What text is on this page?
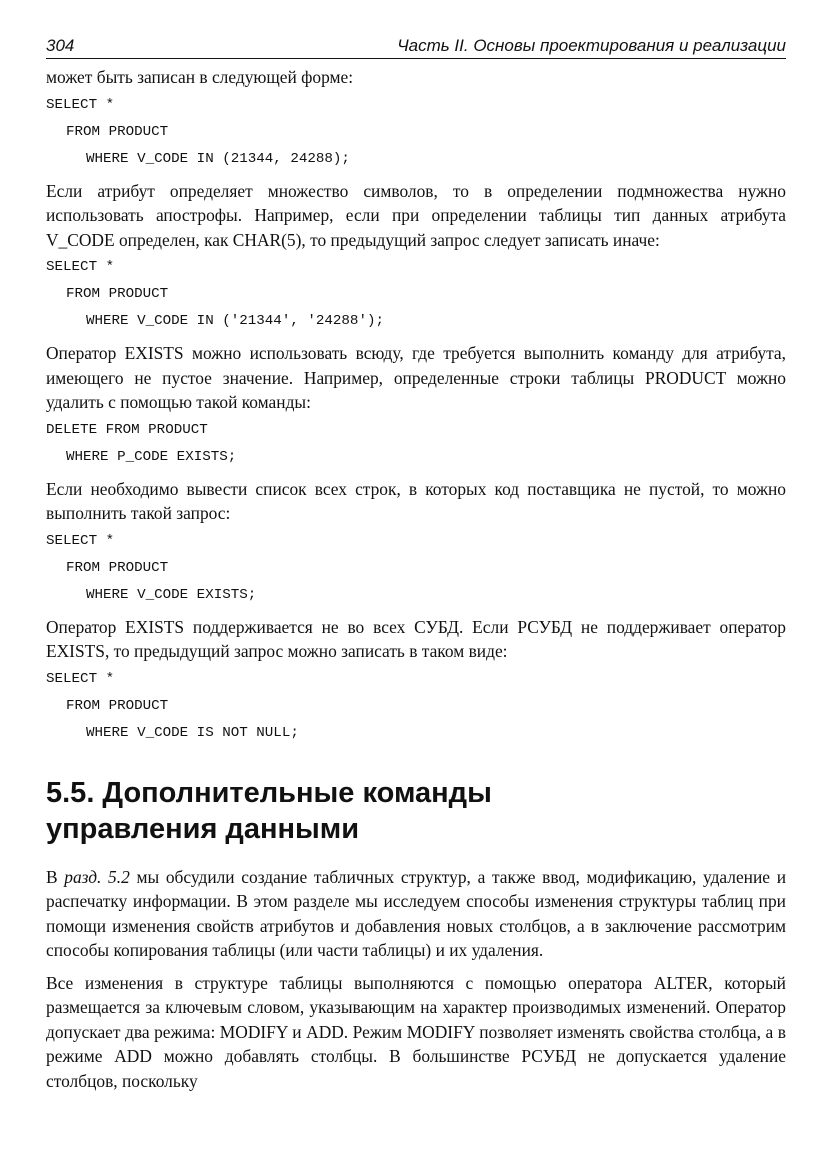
304	Часть II. Основы проектирования и реализации

может быть записан в следующей форме:

SELECT *
FROM PRODUCT
WHERE V_CODE IN (21344, 24288);

Если атрибут определяет множество символов, то в определении подмножества нужно использовать апострофы. Например, если при определении таблицы тип данных атрибута V_CODE определен, как CHAR(5), то предыдущий запрос следует записать иначе:

SELECT *
FROM PRODUCT
WHERE V_CODE IN ('21344', '24288');

Оператор EXISTS можно использовать всюду, где требуется выполнить команду для атрибута, имеющего не пустое значение. Например, определенные строки таблицы PRODUCT можно удалить с помощью такой команды:

DELETE FROM PRODUCT
WHERE P_CODE EXISTS;

Если необходимо вывести список всех строк, в которых код поставщика не пустой, то можно выполнить такой запрос:

SELECT *
FROM PRODUCT
WHERE V_CODE EXISTS;

Оператор EXISTS поддерживается не во всех СУБД. Если РСУБД не поддерживает оператор EXISTS, то предыдущий запрос можно записать в таком виде:

SELECT *
FROM PRODUCT
WHERE V_CODE IS NOT NULL;
5.5. Дополнительные команды
управления данными

В разд. 5.2 мы обсудили создание табличных структур, а также ввод, модификацию, удаление и распечатку информации. В этом разделе мы исследуем способы изменения структуры таблиц при помощи изменения свойств атрибутов и добавления новых столбцов, а в заключение рассмотрим способы копирования таблицы (или части таблицы) и их удаления.

Все изменения в структуре таблицы выполняются с помощью оператора ALTER, который размещается за ключевым словом, указывающим на характер производимых изменений. Оператор допускает два режима: MODIFY и ADD. Режим MODIFY позволяет изменять свойства столбца, а в режиме ADD можно добавлять столбцы. В большинстве РСУБД не допускается удаление столбцов, поскольку
